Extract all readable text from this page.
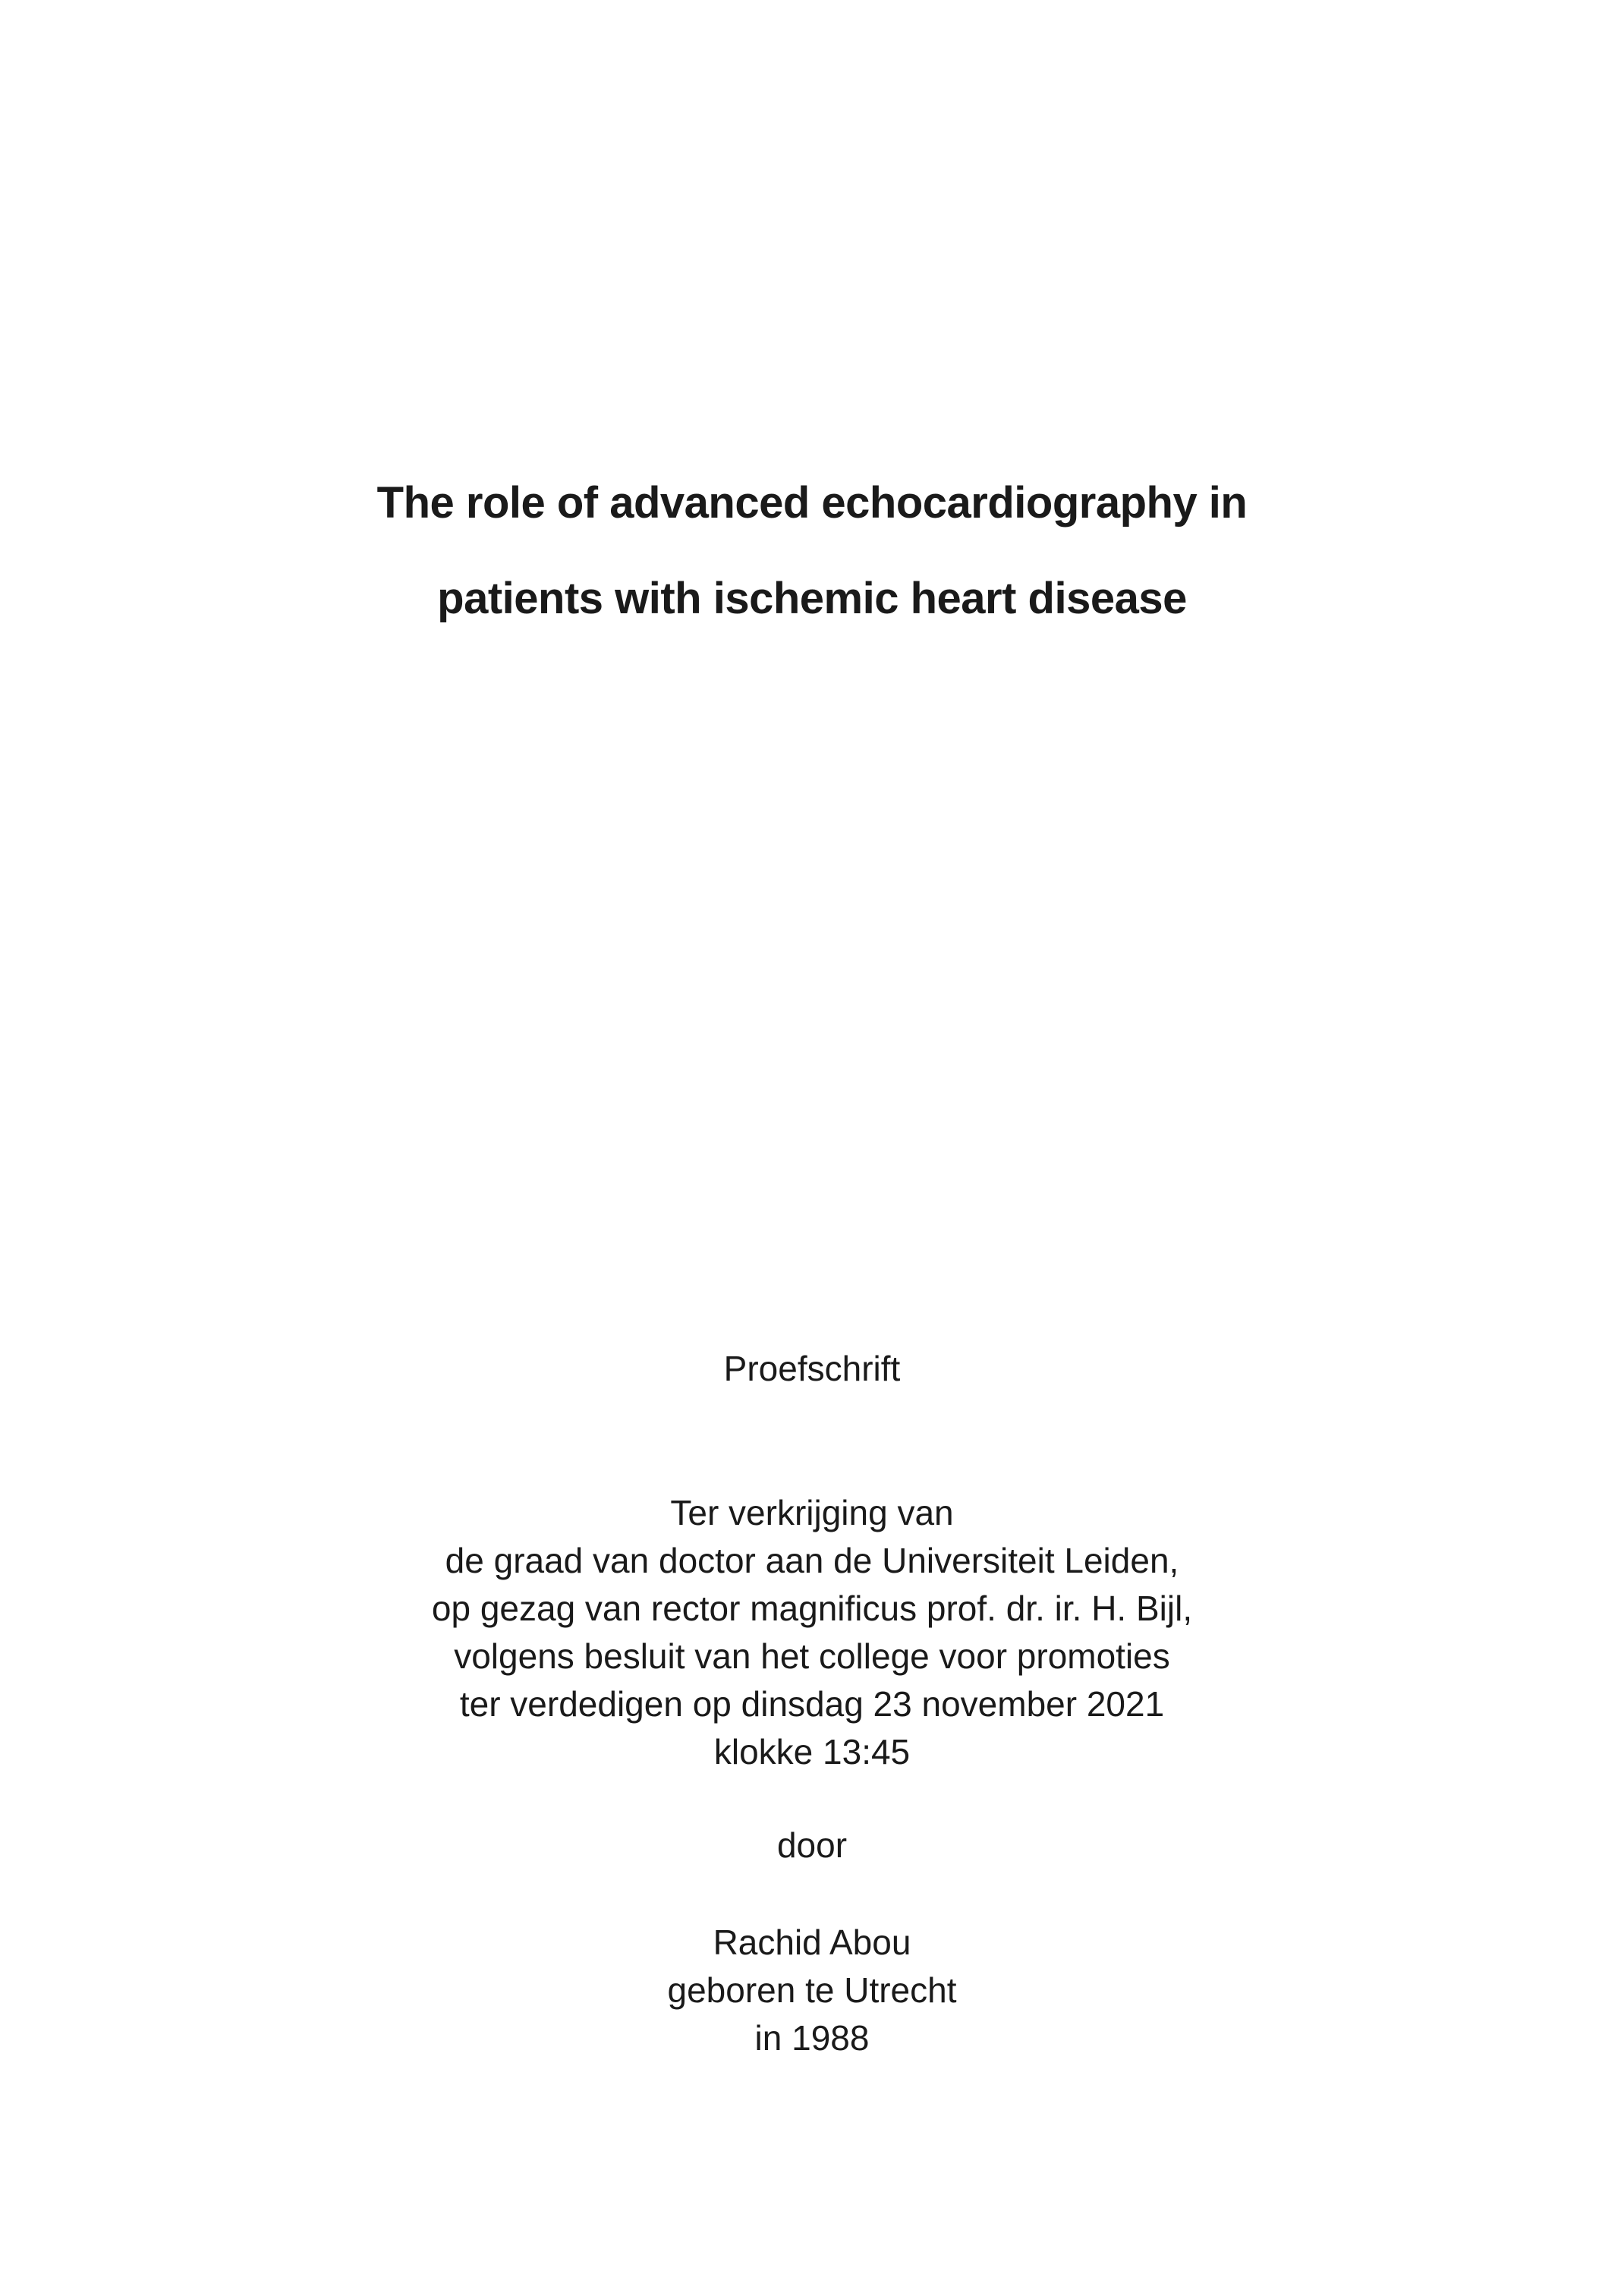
The role of advanced echocardiography in
patients with ischemic heart disease
Proefschrift
Ter verkrijging van
de graad van doctor aan de Universiteit Leiden,
op gezag van rector magnificus prof. dr. ir. H. Bijl,
volgens besluit van het college voor promoties
ter verdedigen op dinsdag 23 november 2021
klokke 13:45
door
Rachid Abou
geboren te Utrecht
in 1988
